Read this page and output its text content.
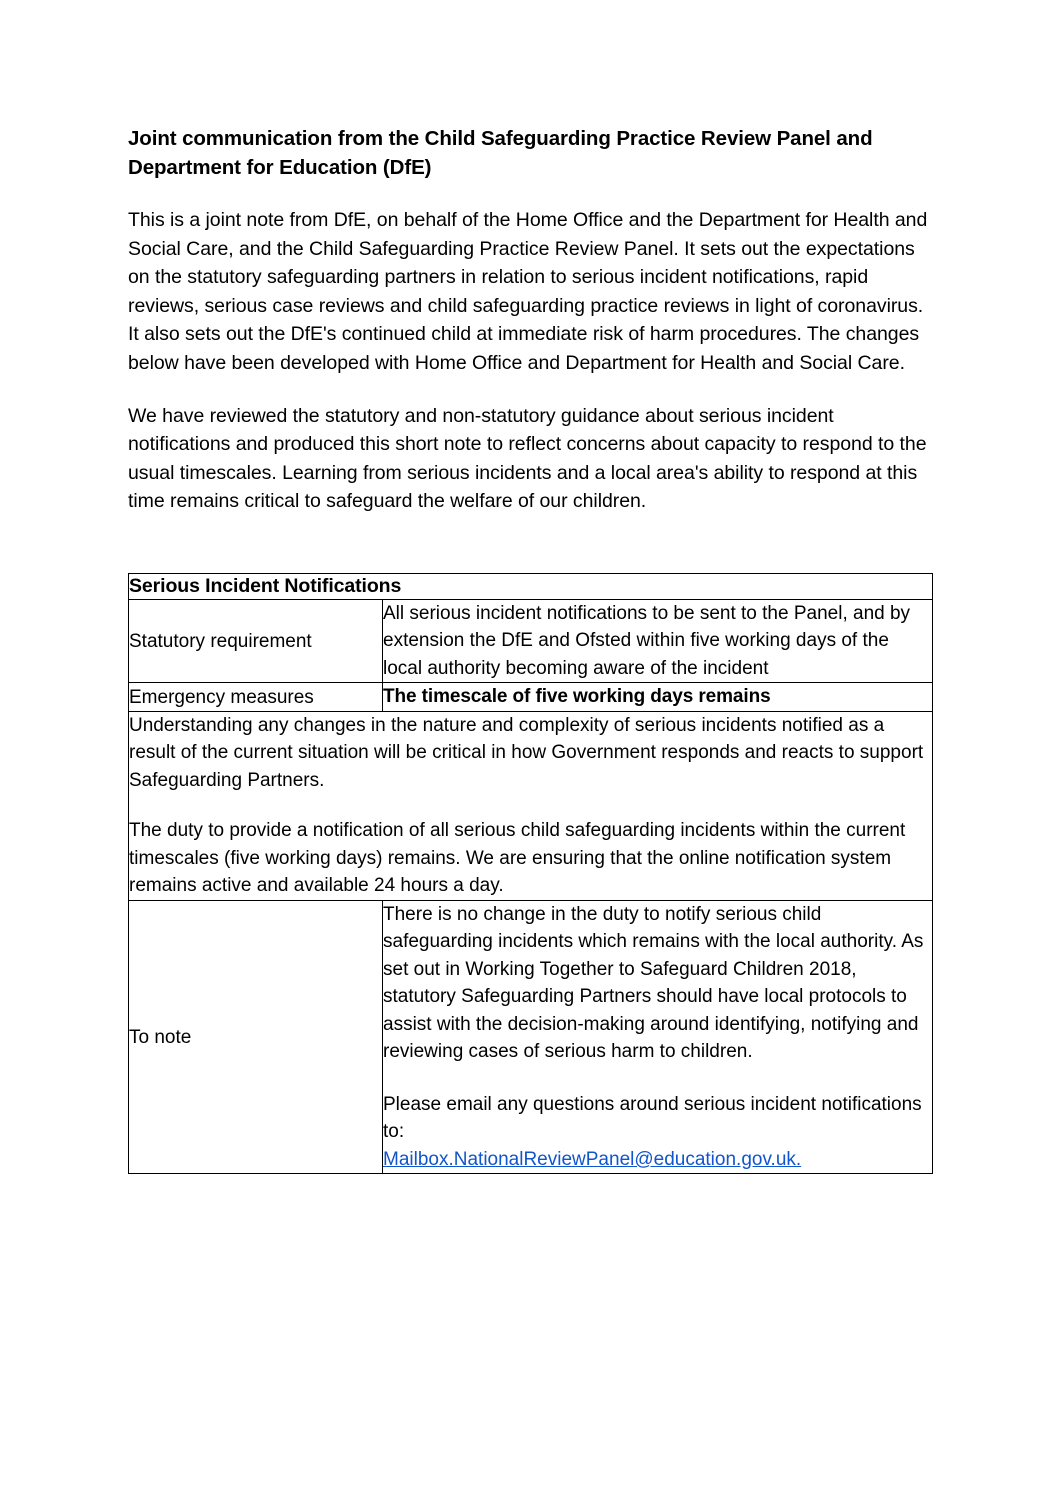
Joint communication from the Child Safeguarding Practice Review Panel and Department for Education (DfE)

This is a joint note from DfE, on behalf of the Home Office and the Department for Health and Social Care, and the Child Safeguarding Practice Review Panel. It sets out the expectations on the statutory safeguarding partners in relation to serious incident notifications, rapid reviews, serious case reviews and child safeguarding practice reviews in light of coronavirus. It also sets out the DfE's continued child at immediate risk of harm procedures. The changes below have been developed with Home Office and Department for Health and Social Care.

We have reviewed the statutory and non-statutory guidance about serious incident notifications and produced this short note to reflect concerns about capacity to respond to the usual timescales. Learning from serious incidents and a local area's ability to respond at this time remains critical to safeguard the welfare of our children.

Serious Incident Notifications	
Statutory requirement	All serious incident notifications to be sent to the Panel, and by extension the DfE and Ofsted within five working days of the local authority becoming aware of the incident
Emergency measures	The timescale of five working days remains

Understanding any changes in the nature and complexity of serious incidents notified as a result of the current situation will be critical in how Government responds and reacts to support Safeguarding Partners.

The duty to provide a notification of all serious child safeguarding incidents within the current timescales (five working days) remains. We are ensuring that the online notification system remains active and available 24 hours a day.	

To note	There is no change in the duty to notify serious child safeguarding incidents which remains with the local authority. As set out in Working Together to Safeguard Children 2018, statutory Safeguarding Partners should have local protocols to assist with the decision-making around identifying, notifying and reviewing cases of serious harm to children.

Please email any questions around serious incident notifications to:
Mailbox.NationalReviewPanel@education.gov.uk.
